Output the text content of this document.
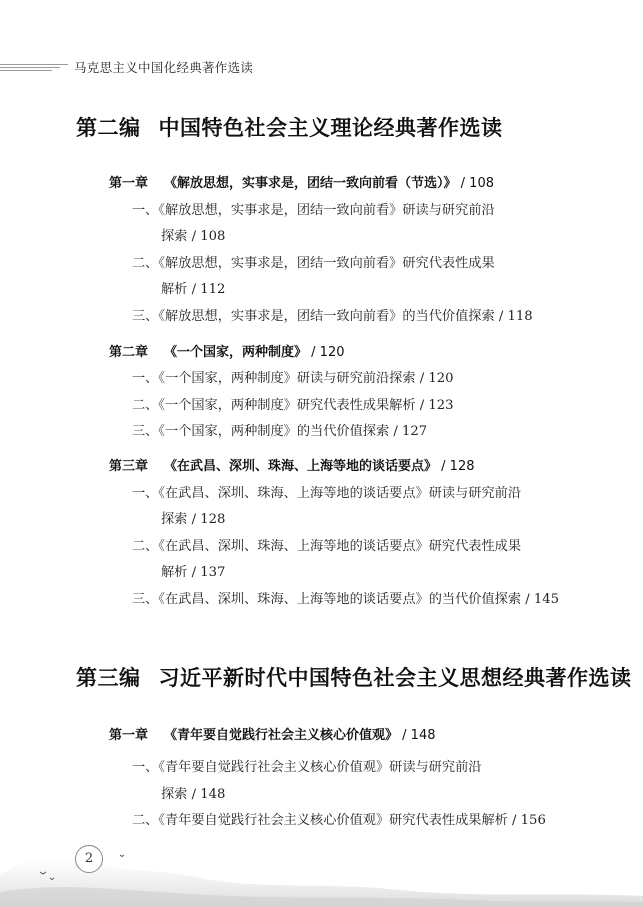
马克思主义中国化经典著作选读
第二编 中国特色社会主义理论经典著作选读
第一章 《解放思想，实事求是，团结一致向前看（节选）》 / 108
一、《解放思想，实事求是，团结一致向前看》研读与研究前沿
探索 / 108
二、《解放思想，实事求是，团结一致向前看》研究代表性成果
解析 / 112
三、《解放思想，实事求是，团结一致向前看》的当代价值探索 / 118
第二章 《一个国家，两种制度》 / 120
一、《一个国家，两种制度》研读与研究前沿探索 / 120
二、《一个国家，两种制度》研究代表性成果解析 / 123
三、《一个国家，两种制度》的当代价值探索 / 127
第三章 《在武昌、深圳、珠海、上海等地的谈话要点》 / 128
一、《在武昌、深圳、珠海、上海等地的谈话要点》研读与研究前沿
探索 / 128
二、《在武昌、深圳、珠海、上海等地的谈话要点》研究代表性成果
解析 / 137
三、《在武昌、深圳、珠海、上海等地的谈话要点》的当代价值探索 / 145
第三编 习近平新时代中国特色社会主义思想经典著作选读
第一章 《青年要自觉践行社会主义核心价值观》 / 148
一、《青年要自觉践行社会主义核心价值观》研读与研究前沿
探索 / 148
二、《青年要自觉践行社会主义核心价值观》研究代表性成果解析 / 156
2
